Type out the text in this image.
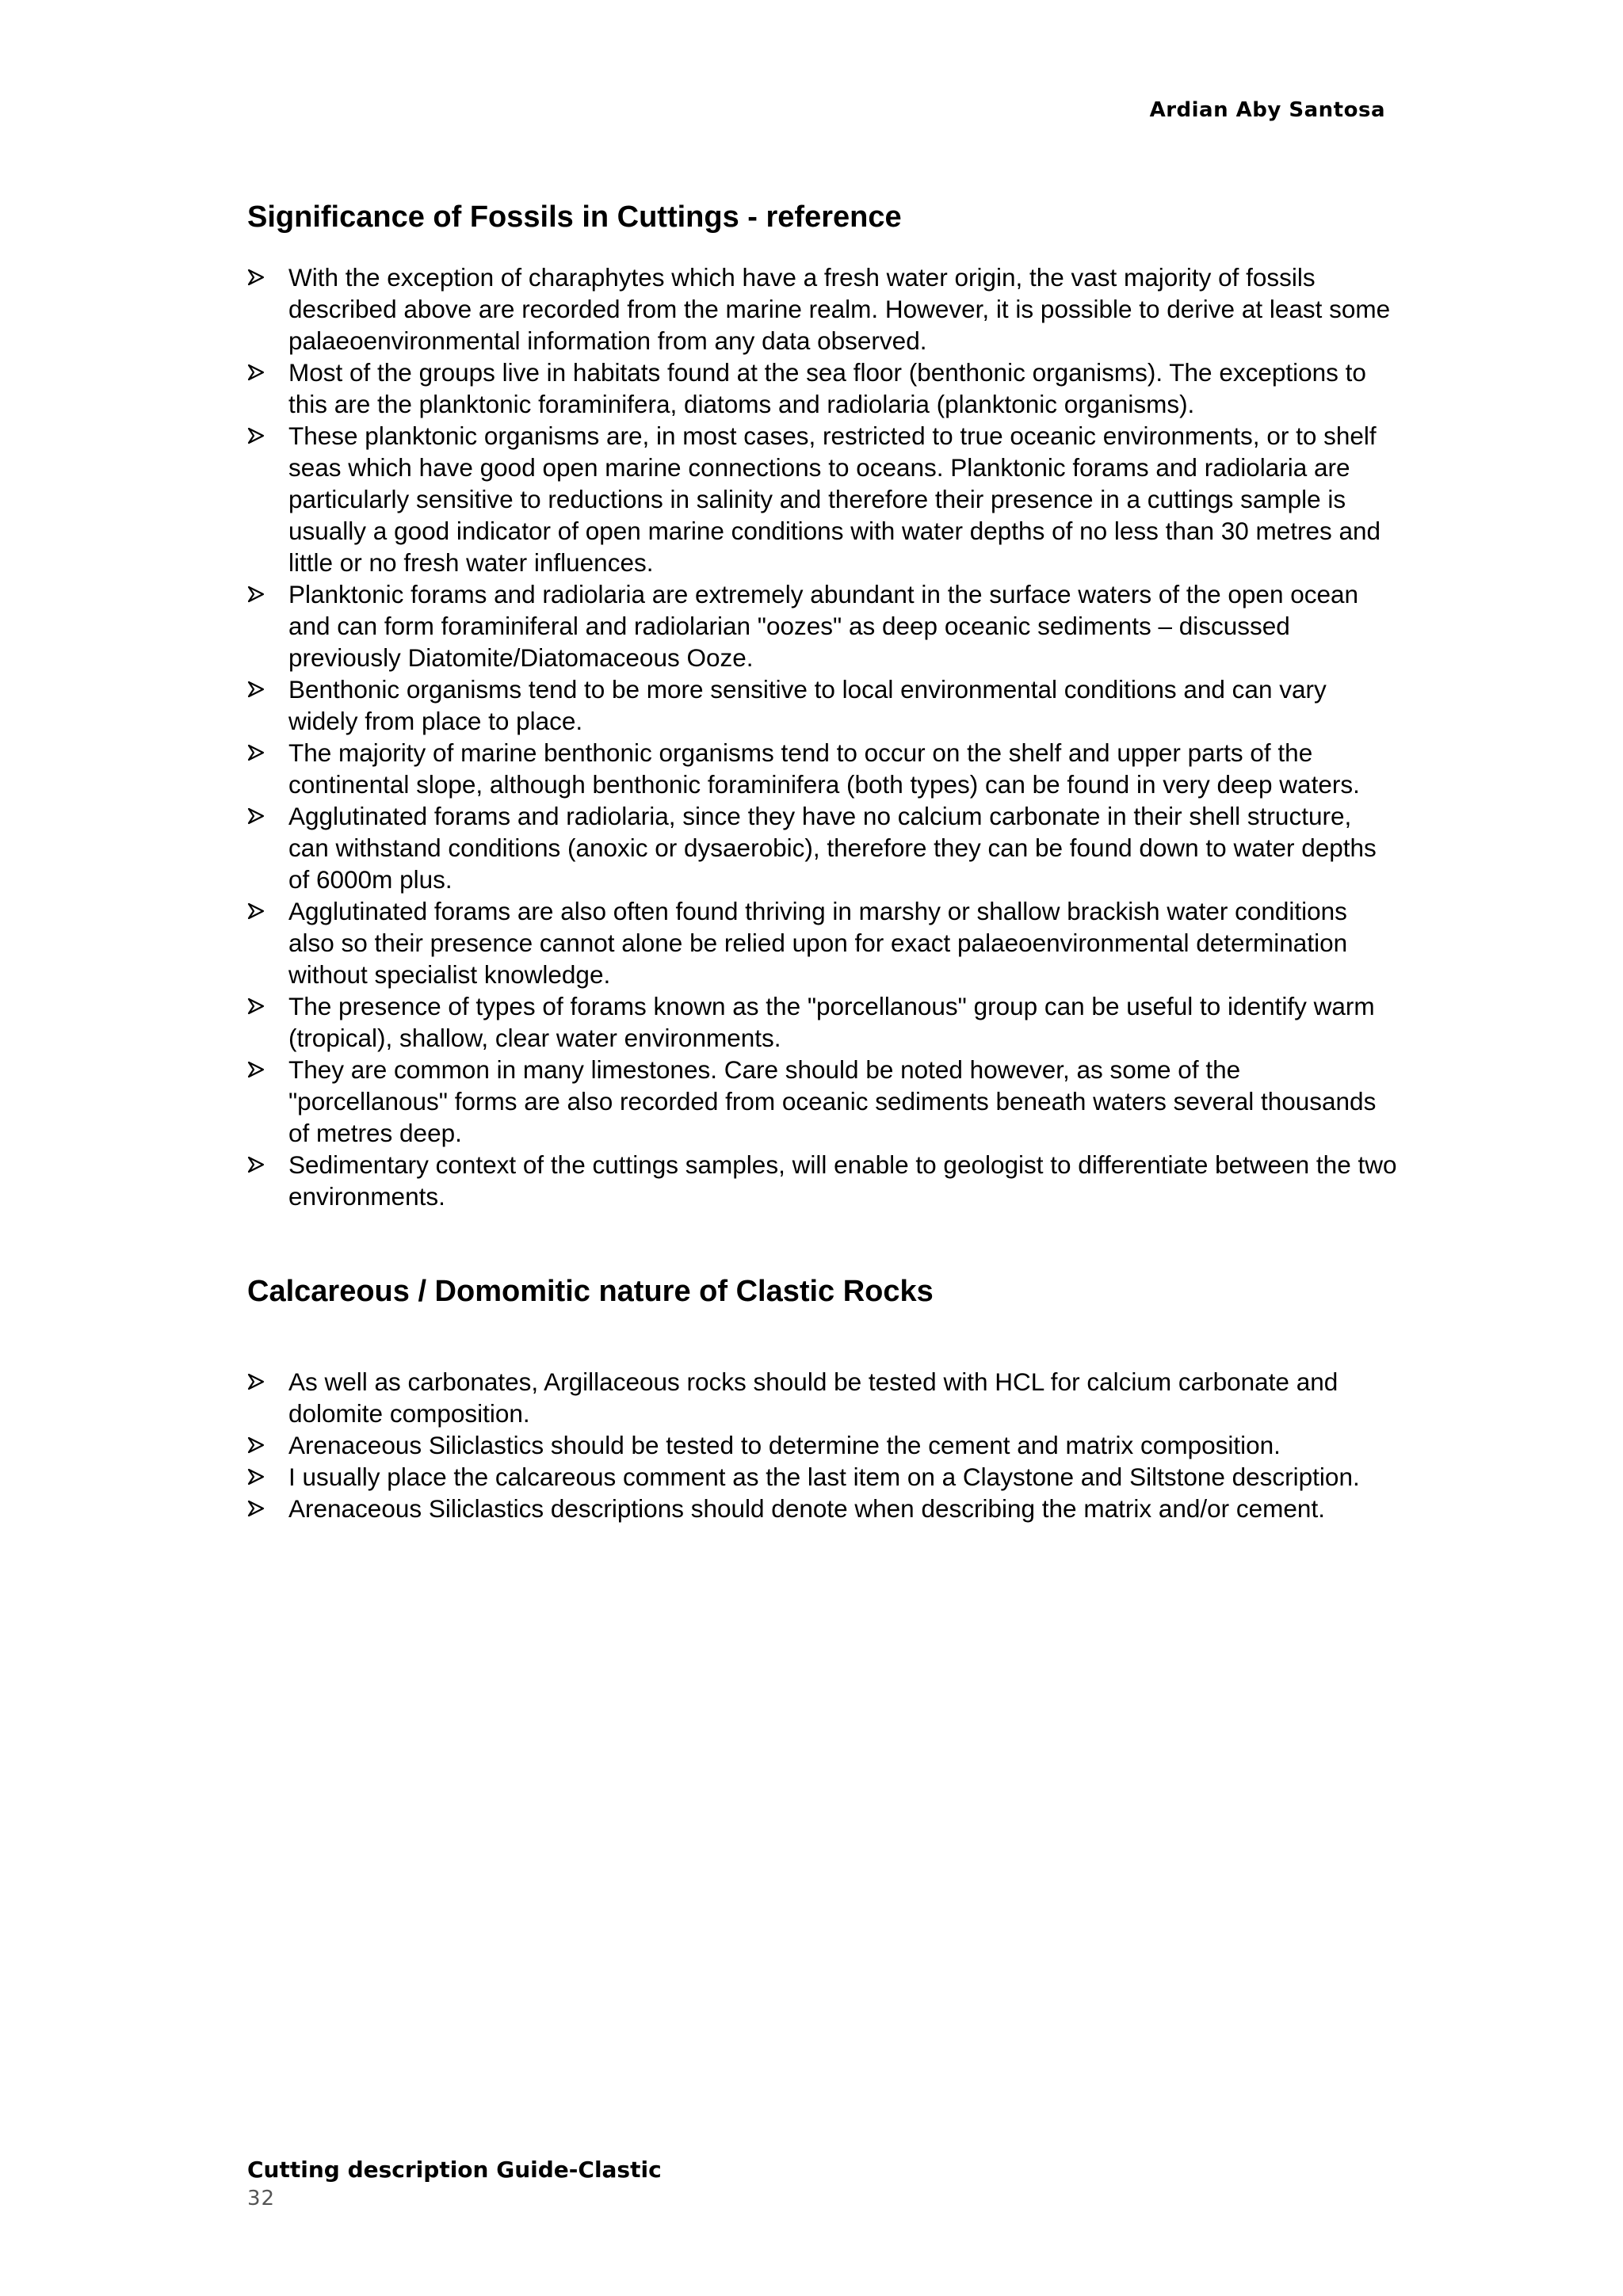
Ardian Aby Santosa
Significance of Fossils in Cuttings - reference
With the exception of charaphytes which have a fresh water origin, the vast majority of fossils described above are recorded from the marine realm. However, it is possible to derive at least some palaeoenvironmental information from any data observed.
Most of the groups live in habitats found at the sea floor (benthonic organisms). The exceptions to this are the planktonic foraminifera, diatoms and radiolaria (planktonic organisms).
These planktonic organisms are, in most cases, restricted to true oceanic environments, or to shelf seas which have good open marine connections to oceans. Planktonic forams and radiolaria are particularly sensitive to reductions in salinity and therefore their presence in a cuttings sample is usually a good indicator of open marine conditions with water depths of no less than 30 metres and little or no fresh water influences.
Planktonic forams and radiolaria are extremely abundant in the surface waters of the open ocean and can form foraminiferal and radiolarian "oozes" as deep oceanic sediments – discussed previously Diatomite/Diatomaceous Ooze.
Benthonic organisms tend to be more sensitive to local environmental conditions and can vary widely from place to place.
The majority of marine benthonic organisms tend to occur on the shelf and upper parts of the continental slope, although benthonic foraminifera (both types) can be found in very deep waters.
Agglutinated forams and radiolaria, since they have no calcium carbonate in their shell structure, can withstand conditions (anoxic or dysaerobic), therefore they can be found down to water depths of 6000m plus.
Agglutinated forams are also often found thriving in marshy or shallow brackish water conditions also so their presence cannot alone be relied upon for exact palaeoenvironmental determination without specialist knowledge.
The presence of types of forams known as the "porcellanous" group can be useful to identify warm (tropical), shallow, clear water environments.
They are common in many limestones. Care should be noted however, as some of the "porcellanous" forms are also recorded from oceanic sediments beneath waters several thousands of metres deep.
Sedimentary context of the cuttings samples, will enable to geologist to differentiate between the two environments.
Calcareous / Domomitic nature of Clastic Rocks
As well as carbonates, Argillaceous rocks should be tested with HCL for calcium carbonate and dolomite composition.
Arenaceous Siliclastics should be tested to determine the cement and matrix composition.
I usually place the calcareous comment as the last item on a Claystone and Siltstone description.
Arenaceous Siliclastics descriptions should denote when describing the matrix and/or cement.
Cutting description Guide-Clastic
32
